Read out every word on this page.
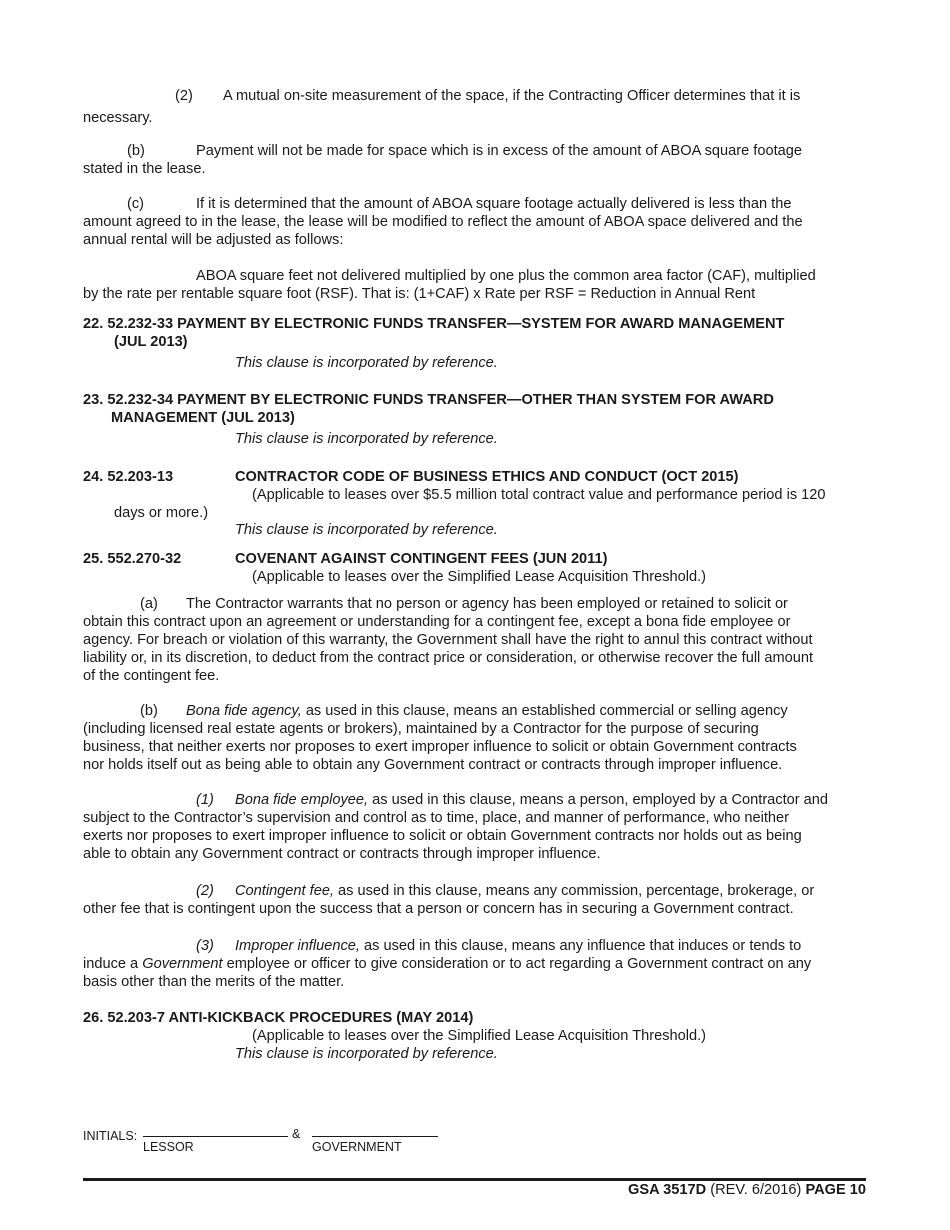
(2) A mutual on-site measurement of the space, if the Contracting Officer determines that it is
necessary.
(b)	Payment will not be made for space which is in excess of the amount of ABOA square footage
stated in the lease.
(c)	If it is determined that the amount of ABOA square footage actually delivered is less than the
amount agreed to in the lease, the lease will be modified to reflect the amount of ABOA space delivered and the
annual rental will be adjusted as follows:
ABOA square feet not delivered multiplied by one plus the common area factor (CAF), multiplied
by the rate per rentable square foot (RSF). That is: (1+CAF) x Rate per RSF = Reduction in Annual Rent
22. 52.232-33 PAYMENT BY ELECTRONIC FUNDS TRANSFER—SYSTEM FOR AWARD MANAGEMENT
(JUL 2013)
This clause is incorporated by reference.
23. 52.232-34 PAYMENT BY ELECTRONIC FUNDS TRANSFER—OTHER THAN SYSTEM FOR AWARD
MANAGEMENT (JUL 2013)
This clause is incorporated by reference.
24. 52.203-13	CONTRACTOR CODE OF BUSINESS ETHICS AND CONDUCT (OCT 2015)
(Applicable to leases over $5.5 million total contract value and performance period is 120
days or more.)
This clause is incorporated by reference.
25. 552.270-32	COVENANT AGAINST CONTINGENT FEES (JUN 2011)
(Applicable to leases over the Simplified Lease Acquisition Threshold.)
(a) The Contractor warrants that no person or agency has been employed or retained to solicit or
obtain this contract upon an agreement or understanding for a contingent fee, except a bona fide employee or
agency. For breach or violation of this warranty, the Government shall have the right to annul this contract without
liability or, in its discretion, to deduct from the contract price or consideration, or otherwise recover the full amount
of the contingent fee.
(b) Bona fide agency, as used in this clause, means an established commercial or selling agency
(including licensed real estate agents or brokers), maintained by a Contractor for the purpose of securing
business, that neither exerts nor proposes to exert improper influence to solicit or obtain Government contracts
nor holds itself out as being able to obtain any Government contract or contracts through improper influence.
(1) Bona fide employee, as used in this clause, means a person, employed by a Contractor and
subject to the Contractor’s supervision and control as to time, place, and manner of performance, who neither
exerts nor proposes to exert improper influence to solicit or obtain Government contracts nor holds out as being
able to obtain any Government contract or contracts through improper influence.
(2) Contingent fee, as used in this clause, means any commission, percentage, brokerage, or
other fee that is contingent upon the success that a person or concern has in securing a Government contract.
(3) Improper influence, as used in this clause, means any influence that induces or tends to
induce a Government employee or officer to give consideration or to act regarding a Government contract on any
basis other than the merits of the matter.
26. 52.203-7 ANTI-KICKBACK PROCEDURES (MAY 2014)
(Applicable to leases over the Simplified Lease Acquisition Threshold.)
This clause is incorporated by reference.
INITIALS:	&
LESSOR	GOVERNMENT
GSA 3517D (REV. 6/2016) PAGE 10
